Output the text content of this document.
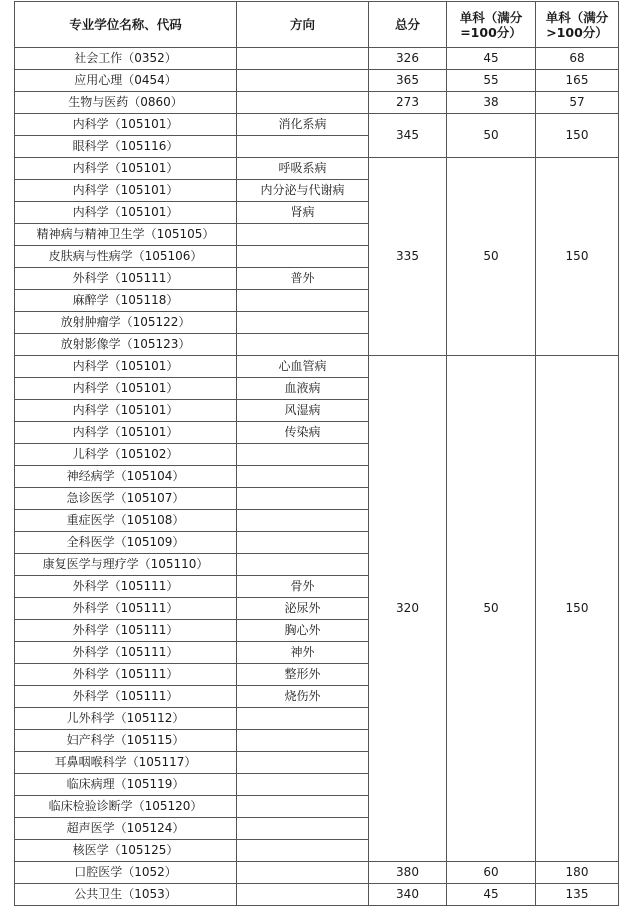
专业学位名称、代码	方向	总分	单科（满分=100分）	单科（满分>100分）
社会工作（0352）		326	45	68
应用心理（0454）		365	55	165
生物与医药（0860）		273	38	57
内科学（105101）	消化系病	345	50	150
眼科学（105116）				
内科学（105101）	呼吸系病	335	50	150
内科学（105101）	内分泌与代谢病			
内科学（105101）	肾病			
精神病与精神卫生学（105105）				
皮肤病与性病学（105106）				
外科学（105111）	普外			
麻醉学（105118）				
放射肿瘤学（105122）				
放射影像学（105123）				
内科学（105101）	心血管病	320	50	150
内科学（105101）	血液病			
内科学（105101）	风湿病			
内科学（105101）	传染病			
儿科学（105102）				
神经病学（105104）				
急诊医学（105107）				
重症医学（105108）				
全科医学（105109）				
康复医学与理疗学（105110）				
外科学（105111）	骨外			
外科学（105111）	泌尿外			
外科学（105111）	胸心外			
外科学（105111）	神外			
外科学（105111）	整形外			
外科学（105111）	烧伤外			
儿外科学（105112）				
妇产科学（105115）				
耳鼻咽喉科学（105117）				
临床病理（105119）				
临床检验诊断学（105120）				
超声医学（105124）				
核医学（105125）				
口腔医学（1052）		380	60	180
公共卫生（1053）		340	45	135
